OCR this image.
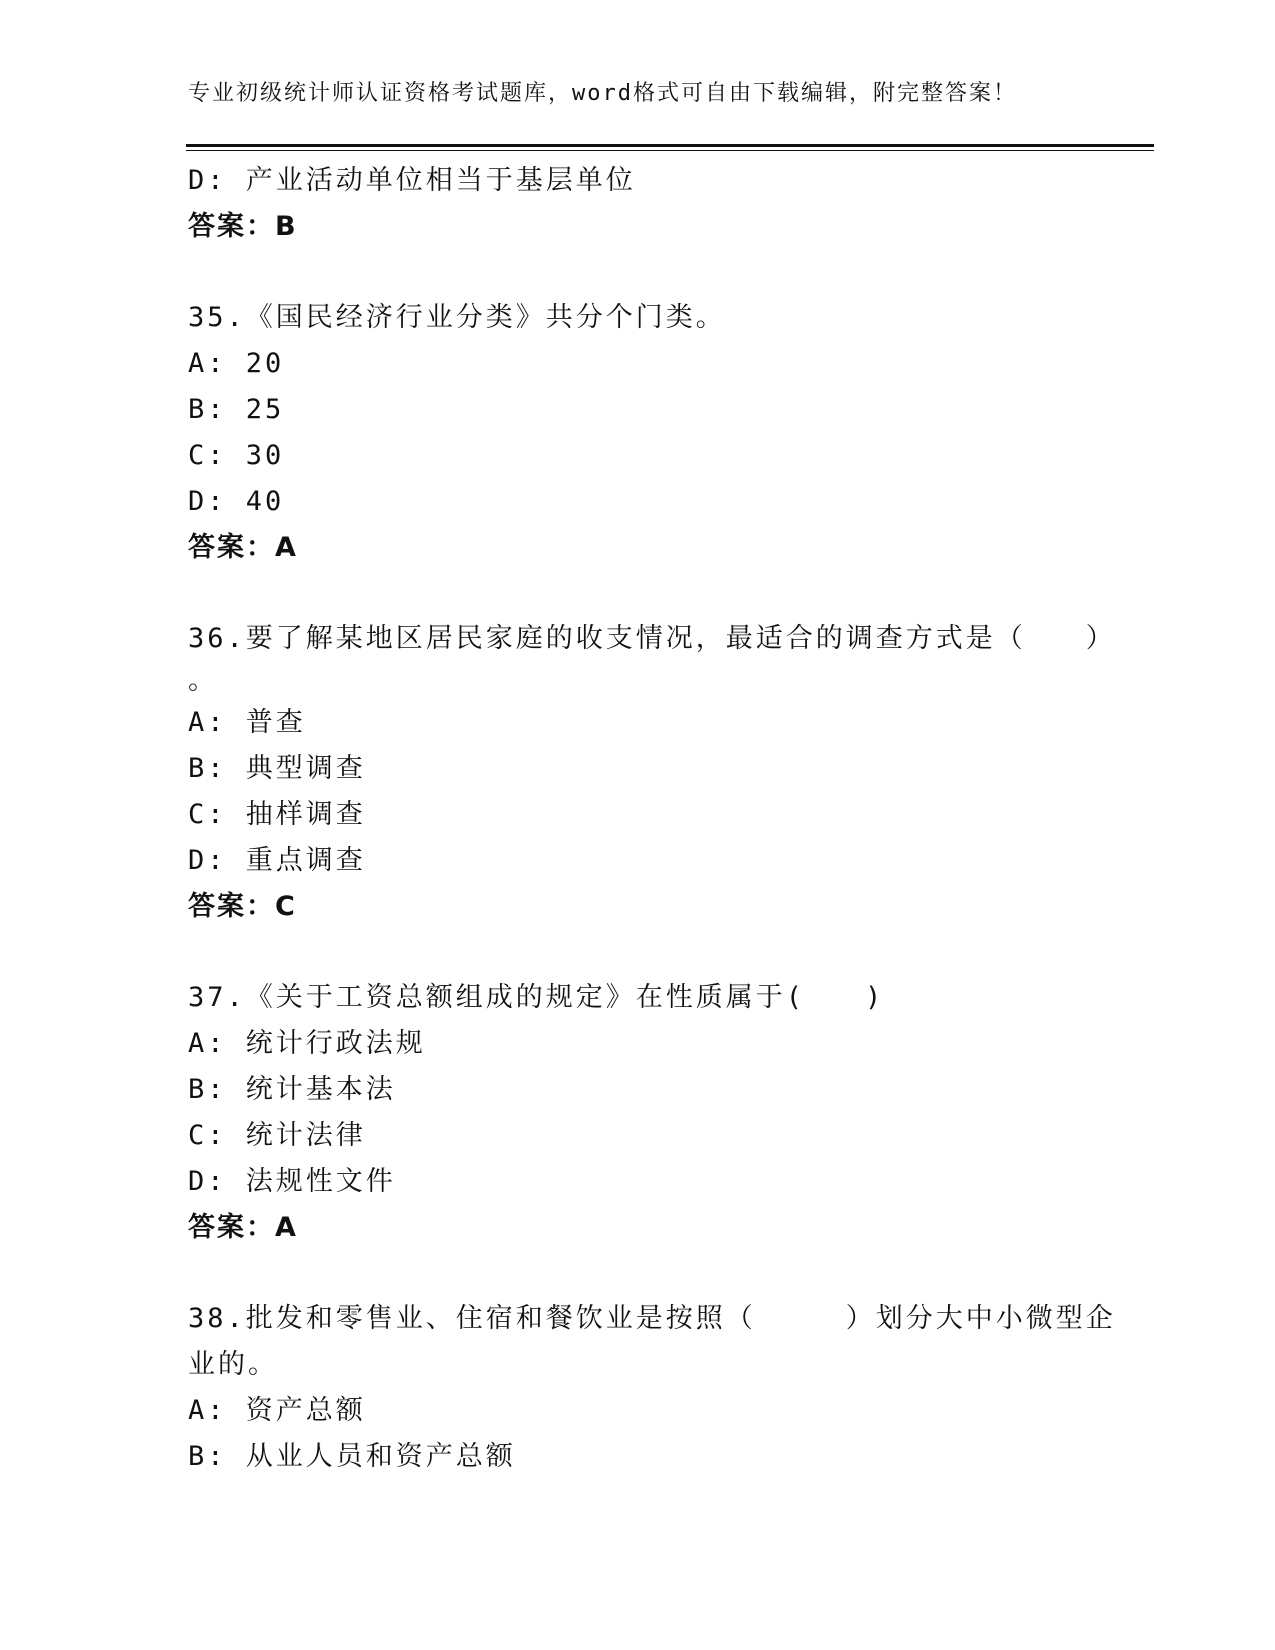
专业初级统计师认证资格考试题库，word格式可自由下载编辑，附完整答案！
D: 产业活动单位相当于基层单位
答案：B
35.《国民经济行业分类》共分个门类。
A: 20
B: 25
C: 30
D: 40
答案：A
36.要了解某地区居民家庭的收支情况，最适合的调查方式是（　　）
。
A: 普查
B: 典型调查
C: 抽样调查
D: 重点调查
答案：C
37.《关于工资总额组成的规定》在性质属于(　　)
A: 统计行政法规
B: 统计基本法
C: 统计法律
D: 法规性文件
答案：A
38.批发和零售业、住宿和餐饮业是按照（　　　）划分大中小微型企
业的。
A: 资产总额
B: 从业人员和资产总额
